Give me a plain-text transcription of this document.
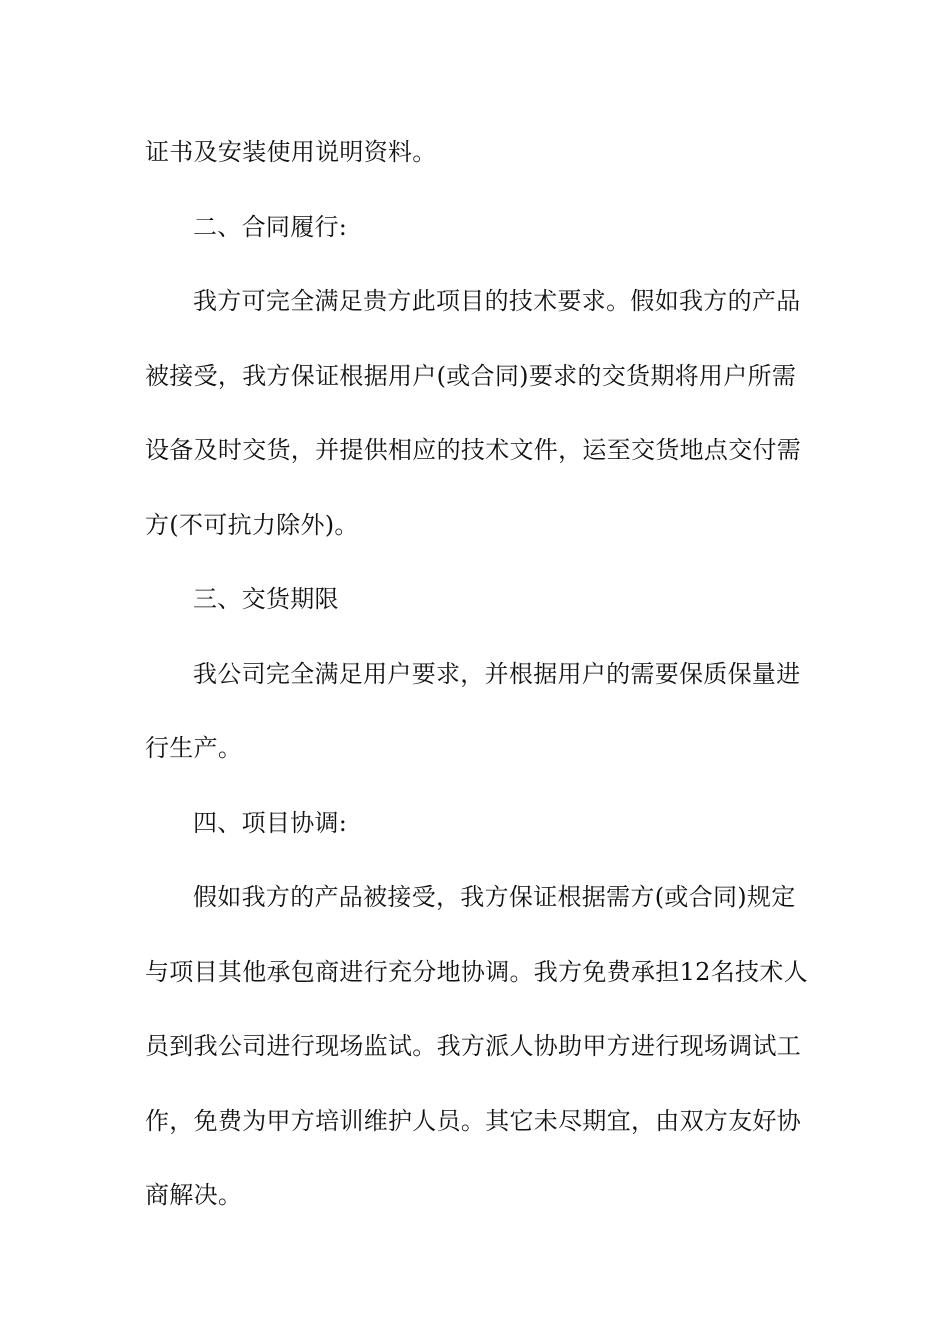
证书及安装使用说明资料。
二、合同履行:
我方可完全满足贵方此项目的技术要求。假如我方的产品
被接受，我方保证根据用户(或合同)要求的交货期将用户所需
设备及时交货，并提供相应的技术文件，运至交货地点交付需
方(不可抗力除外)。
三、交货期限
我公司完全满足用户要求，并根据用户的需要保质保量进
行生产。
四、项目协调:
假如我方的产品被接受，我方保证根据需方(或合同)规定
与项目其他承包商进行充分地协调。我方免费承担12名技术人
员到我公司进行现场监试。我方派人协助甲方进行现场调试工
作，免费为甲方培训维护人员。其它未尽期宜，由双方友好协
商解决。
